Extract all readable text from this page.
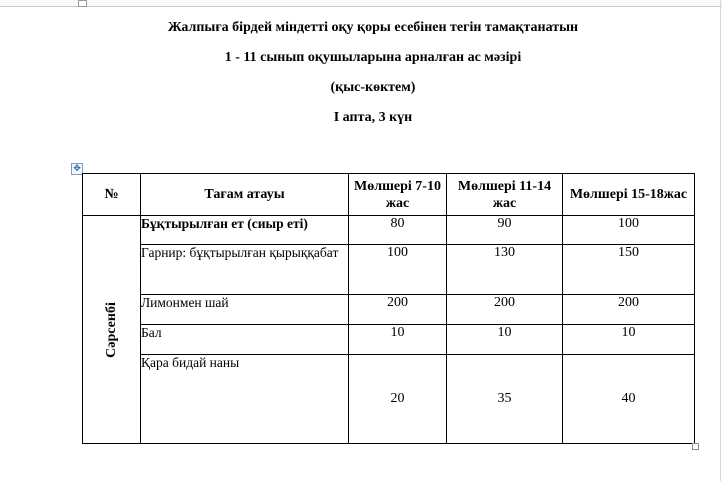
Жалпыға бірдей міндетті оқу қоры есебінен тегін тамақтанатын
1 - 11 сынып оқушыларына арналған ас мәзірі
(қыс-көктем)
I апта, 3 күн
✥
№	Тағам атауы	Мөлшері 7-10 жас	Мөлшері 11-14 жас	Мөлшері 15-18жас

Сәрсенбі	Бұқтырылған ет (сиыр еті)	80	90	100
	Гарнир: бұқтырылған қырыққабат	100	130	150
	Лимонмен шай	200	200	200
	Бал	10	10	10
	Қара бидай наны	20	35	40
